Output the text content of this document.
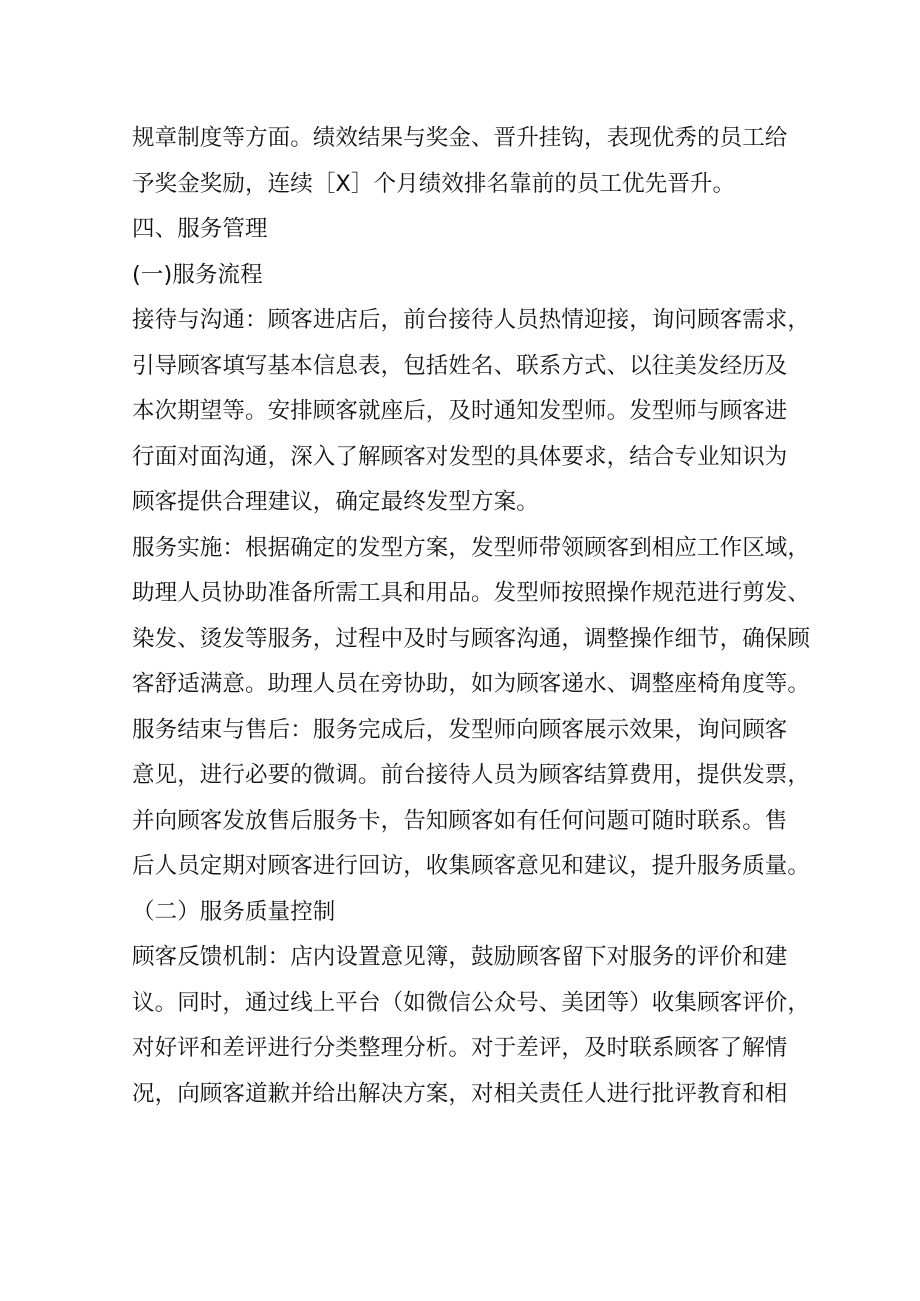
规章制度等方面。绩效结果与奖金、晋升挂钩，表现优秀的员工给
予奖金奖励，连续［X］个月绩效排名靠前的员工优先晋升。
四、服务管理
(一)服务流程
接待与沟通：顾客进店后，前台接待人员热情迎接，询问顾客需求，
引导顾客填写基本信息表，包括姓名、联系方式、以往美发经历及
本次期望等。安排顾客就座后，及时通知发型师。发型师与顾客进
行面对面沟通，深入了解顾客对发型的具体要求，结合专业知识为
顾客提供合理建议，确定最终发型方案。
服务实施：根据确定的发型方案，发型师带领顾客到相应工作区域，
助理人员协助准备所需工具和用品。发型师按照操作规范进行剪发、
染发、烫发等服务，过程中及时与顾客沟通，调整操作细节，确保顾
客舒适满意。助理人员在旁协助，如为顾客递水、调整座椅角度等。
服务结束与售后：服务完成后，发型师向顾客展示效果，询问顾客
意见，进行必要的微调。前台接待人员为顾客结算费用，提供发票，
并向顾客发放售后服务卡，告知顾客如有任何问题可随时联系。售
后人员定期对顾客进行回访，收集顾客意见和建议，提升服务质量。
（二）服务质量控制
顾客反馈机制：店内设置意见簿，鼓励顾客留下对服务的评价和建
议。同时，通过线上平台（如微信公众号、美团等）收集顾客评价，
对好评和差评进行分类整理分析。对于差评，及时联系顾客了解情
况，向顾客道歉并给出解决方案，对相关责任人进行批评教育和相
